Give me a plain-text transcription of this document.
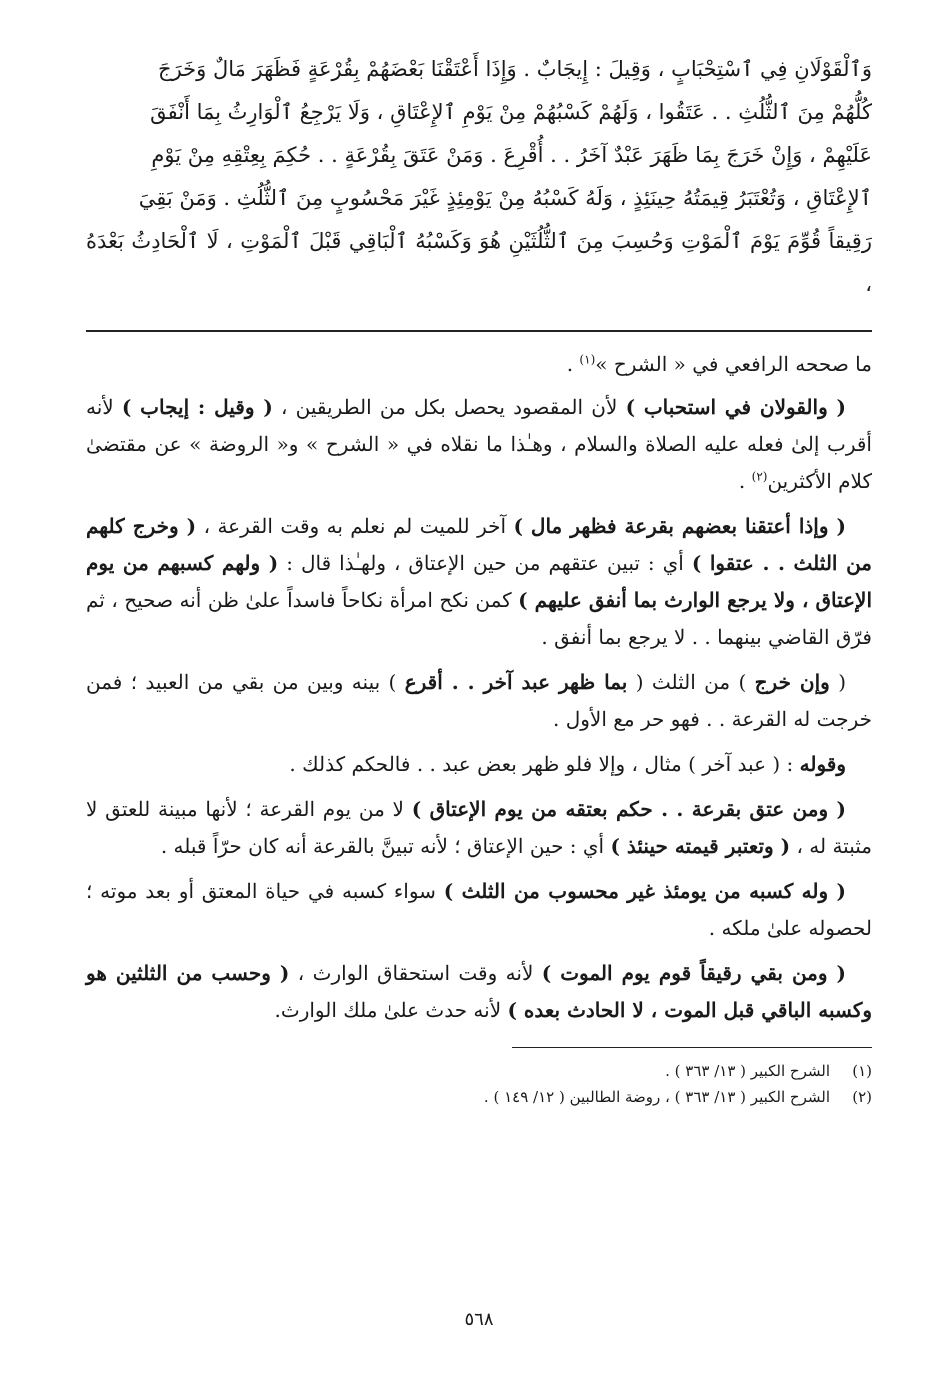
وَٱلْقَوْلَانِ فِي ٱسْتِحْبَابٍ ، وَقِيلَ : إِيجَابٌ . وَإِذَا أَعْتَقْنَا بَعْضَهُمْ بِقُرْعَةٍ فَظَهَرَ مَالٌ وَخَرَجَ

كُلُّهُمْ مِنَ ٱلثُّلُثِ . . عَتَقُوا ، وَلَهُمْ كَسْبُهُمْ مِنْ يَوْمِ ٱلإِعْتَاقِ ، وَلَا يَرْجِعُ ٱلْوَارِثُ بِمَا أَنْفَقَ

عَلَيْهِمْ ، وَإِنْ خَرَجَ بِمَا ظَهَرَ عَبْدٌ آخَرُ . . أُقْرِعَ . وَمَنْ عَتَقَ بِقُرْعَةٍ . . حُكِمَ بِعِتْقِهِ مِنْ يَوْمِ

ٱلإِعْتَاقِ ، وَتُعْتَبَرُ قِيمَتُهُ حِينَئِذٍ ، وَلَهُ كَسْبُهُ مِنْ يَوْمِئِذٍ غَيْرَ مَحْسُوبٍ مِنَ ٱلثُّلُثِ . وَمَنْ بَقِيَ

رَقِيقاً قُوِّمَ يَوْمَ ٱلْمَوْتِ وَحُسِبَ مِنَ ٱلثُّلُثَيْنِ هُوَ وَكَسْبُهُ ٱلْبَاقِي قَبْلَ ٱلْمَوْتِ ، لَا ٱلْحَادِثُ بَعْدَهُ ،

ما صححه الرافعي في « الشرح »$^{(١)}$ .

( والقولان في استحباب ) لأن المقصود يحصل بكل من الطريقين ، ( وقيل : إيجاب ) لأنه أقرب إلىٰ فعله عليه الصلاة والسلام ، وهـٰذا ما نقلاه في « الشرح » و« الروضة » عن مقتضىٰ كلام الأكثرين$^{(٢)}$ .

( وإذا أعتقنا بعضهم بقرعة فظهر مال ) آخر للميت لم نعلم به وقت القرعة ، ( وخرج كلهم من الثلث . . عتقوا ) أي : تبين عتقهم من حين الإعتاق ، ولهـٰذا قال : ( ولهم كسبهم من يوم الإعتاق ، ولا يرجع الوارث بما أنفق عليهم ) كمن نكح امرأة نكاحاً فاسداً علىٰ ظن أنه صحيح ، ثم فرّق القاضي بينهما . . لا يرجع بما أنفق .

( وإن خرج ) من الثلث ( بما ظهر عبد آخر . . أقرع ) بينه وبين من بقي من العبيد ؛ فمن خرجت له القرعة . . فهو حر مع الأول .

وقوله : ( عبد آخر ) مثال ، وإلا فلو ظهر بعض عبد . . فالحكم كذلك .

( ومن عتق بقرعة . . حكم بعتقه من يوم الإعتاق ) لا من يوم القرعة ؛ لأنها مبينة للعتق لا مثبتة له ، ( وتعتبر قيمته حينئذ ) أي : حين الإعتاق ؛ لأنه تبينَّ بالقرعة أنه كان حرّاً قبله .

( وله كسبه من يومئذ غير محسوب من الثلث ) سواء كسبه في حياة المعتق أو بعد موته ؛ لحصوله علىٰ ملكه .

( ومن بقي رقيقاً قوم يوم الموت ) لأنه وقت استحقاق الوارث ، ( وحسب من الثلثين هو وكسبه الباقي قبل الموت ، لا الحادث بعده ) لأنه حدث علىٰ ملك الوارث.

(١)
الشرح الكبير ( ١٣/ ٣٦٣ ) .
(٢)
الشرح الكبير ( ١٣/ ٣٦٣ ) ، روضة الطالبين ( ١٢/ ١٤٩ ) .
٥٦٨
